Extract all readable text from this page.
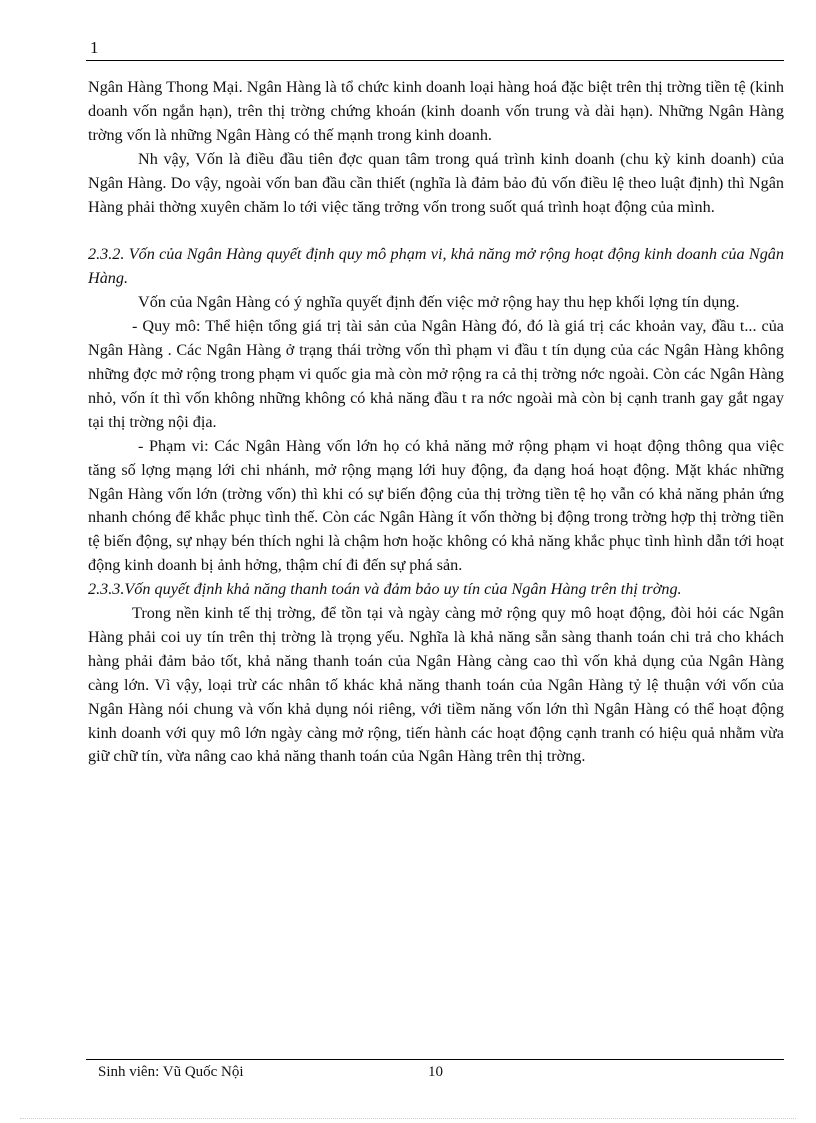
1

Ngân Hàng Thong Mại. Ngân Hàng là tổ chức kinh doanh loại hàng hoá đặc biệt trên thị trờng tiền tệ (kinh doanh vốn ngắn hạn), trên thị trờng chứng khoán (kinh doanh vốn trung và dài hạn). Những Ngân Hàng trờng vốn là những Ngân Hàng có thế mạnh trong kinh doanh.

Nh vậy, Vốn là điều đầu tiên đợc quan tâm trong quá trình kinh doanh (chu kỳ kinh doanh) của Ngân Hàng. Do vậy, ngoài vốn ban đầu cần thiết (nghĩa là đảm bảo đủ vốn điều lệ theo luật định) thì Ngân Hàng phải thờng xuyên chăm lo tới việc tăng trởng vốn trong suốt quá trình hoạt động của mình.

2.3.2. Vốn của Ngân Hàng quyết định quy mô phạm vi, khả năng mở rộng hoạt động kinh doanh của Ngân Hàng.

Vốn của Ngân Hàng có ý nghĩa quyết định đến việc mở rộng hay thu hẹp khối lợng tín dụng.

- Quy mô: Thể hiện tổng giá trị tài sản của Ngân Hàng đó, đó là giá trị các khoản vay, đầu t... của Ngân Hàng . Các Ngân Hàng ở trạng thái trờng vốn thì phạm vi đầu t tín dụng của các Ngân Hàng không những đợc mở rộng trong phạm vi quốc gia mà còn mở rộng ra cả thị trờng nớc ngoài. Còn các Ngân Hàng nhỏ, vốn ít thì vốn không những không có khả năng đầu t ra nớc ngoài mà còn bị cạnh tranh gay gắt ngay tại thị trờng nội địa.

- Phạm vi: Các Ngân Hàng vốn lớn họ có khả năng mở rộng phạm vi hoạt động thông qua việc tăng số lợng mạng lới chi nhánh, mở rộng mạng lới huy động, đa dạng hoá hoạt động. Mặt khác những Ngân Hàng vốn lớn (trờng vốn) thì khi có sự biến động của thị trờng tiền tệ họ vẫn có khả năng phản ứng nhanh chóng để khắc phục tình thế. Còn các Ngân Hàng ít vốn thờng bị động trong trờng hợp thị trờng tiền tệ biến động, sự nhạy bén thích nghi là chậm hơn hoặc không có khả năng khắc phục tình hình dẫn tới hoạt động kinh doanh bị ảnh hởng, thậm chí đi đến sự phá sản.

2.3.3.Vốn quyết định khả năng thanh toán và đảm bảo uy tín của Ngân Hàng trên thị trờng.

Trong nền kinh tế thị trờng, để tồn tại và ngày càng mở rộng quy mô hoạt động, đòi hỏi các Ngân Hàng phải coi uy tín trên thị trờng là trọng yếu. Nghĩa là khả năng sẵn sàng thanh toán chi trả cho khách hàng phải đảm bảo tốt, khả năng thanh toán của Ngân Hàng càng cao thì vốn khả dụng của Ngân Hàng càng lớn. Vì vậy, loại trừ các nhân tố khác khả năng thanh toán của Ngân Hàng tỷ lệ thuận với vốn của Ngân Hàng nói chung và vốn khả dụng nói riêng, với tiềm năng vốn lớn thì Ngân Hàng có thể hoạt động kinh doanh với quy mô lớn ngày càng mở rộng, tiến hành các hoạt động cạnh tranh có hiệu quả nhằm vừa giữ chữ tín, vừa nâng cao khả năng thanh toán của Ngân Hàng trên thị trờng.

Sinh viên: Vũ Quốc Nội	10
